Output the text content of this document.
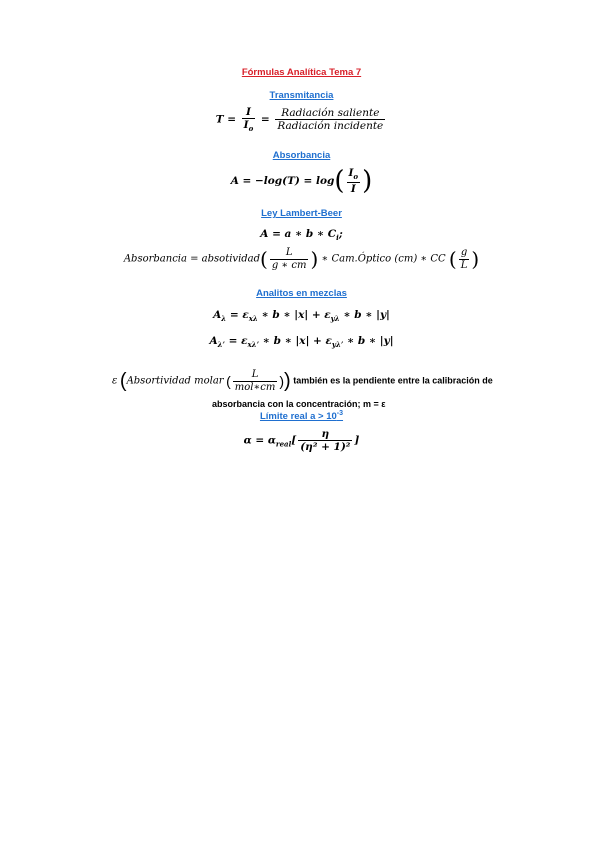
Fórmulas Analítica Tema 7
Transmitancia
$T = \frac{I}{I_o} = \frac{\text{Radiación saliente}}{\text{Radiación incidente}}$
Absorbancia
$A = -\log(T) = \log( \frac{I_o}{I}$ )
Ley Lambert-Beer
A = a ∗ b ∗ $C_i$;
Absorbancia = absotividad( $\frac{L}{g ∗ cm}$ ) ∗ Cam.Óptico (cm) ∗ CC ( $\frac{g}{L}$ )
Analitos en mezclas
$A_\lambda = \varepsilon_{x\lambda}$ ∗ b ∗ $|x| + \varepsilon_{y\lambda}$ ∗ b ∗ |y|
$A_{\lambda’} = \varepsilon_{x\lambda’}$ ∗ b ∗ $|x| + \varepsilon_{y\lambda’}$ ∗ b ∗ |y|
ε (Absortividad molar ( $\frac{L}{\text{mol∗cm}}$ )) también es la pendiente entre la calibración de
absorbancia con la concentración; m = ε
Límite real $a > 10^{-3}$
$\alpha = \alpha_{real}[ \frac{\eta}{\text{(η² + 1)²}}$ ]
